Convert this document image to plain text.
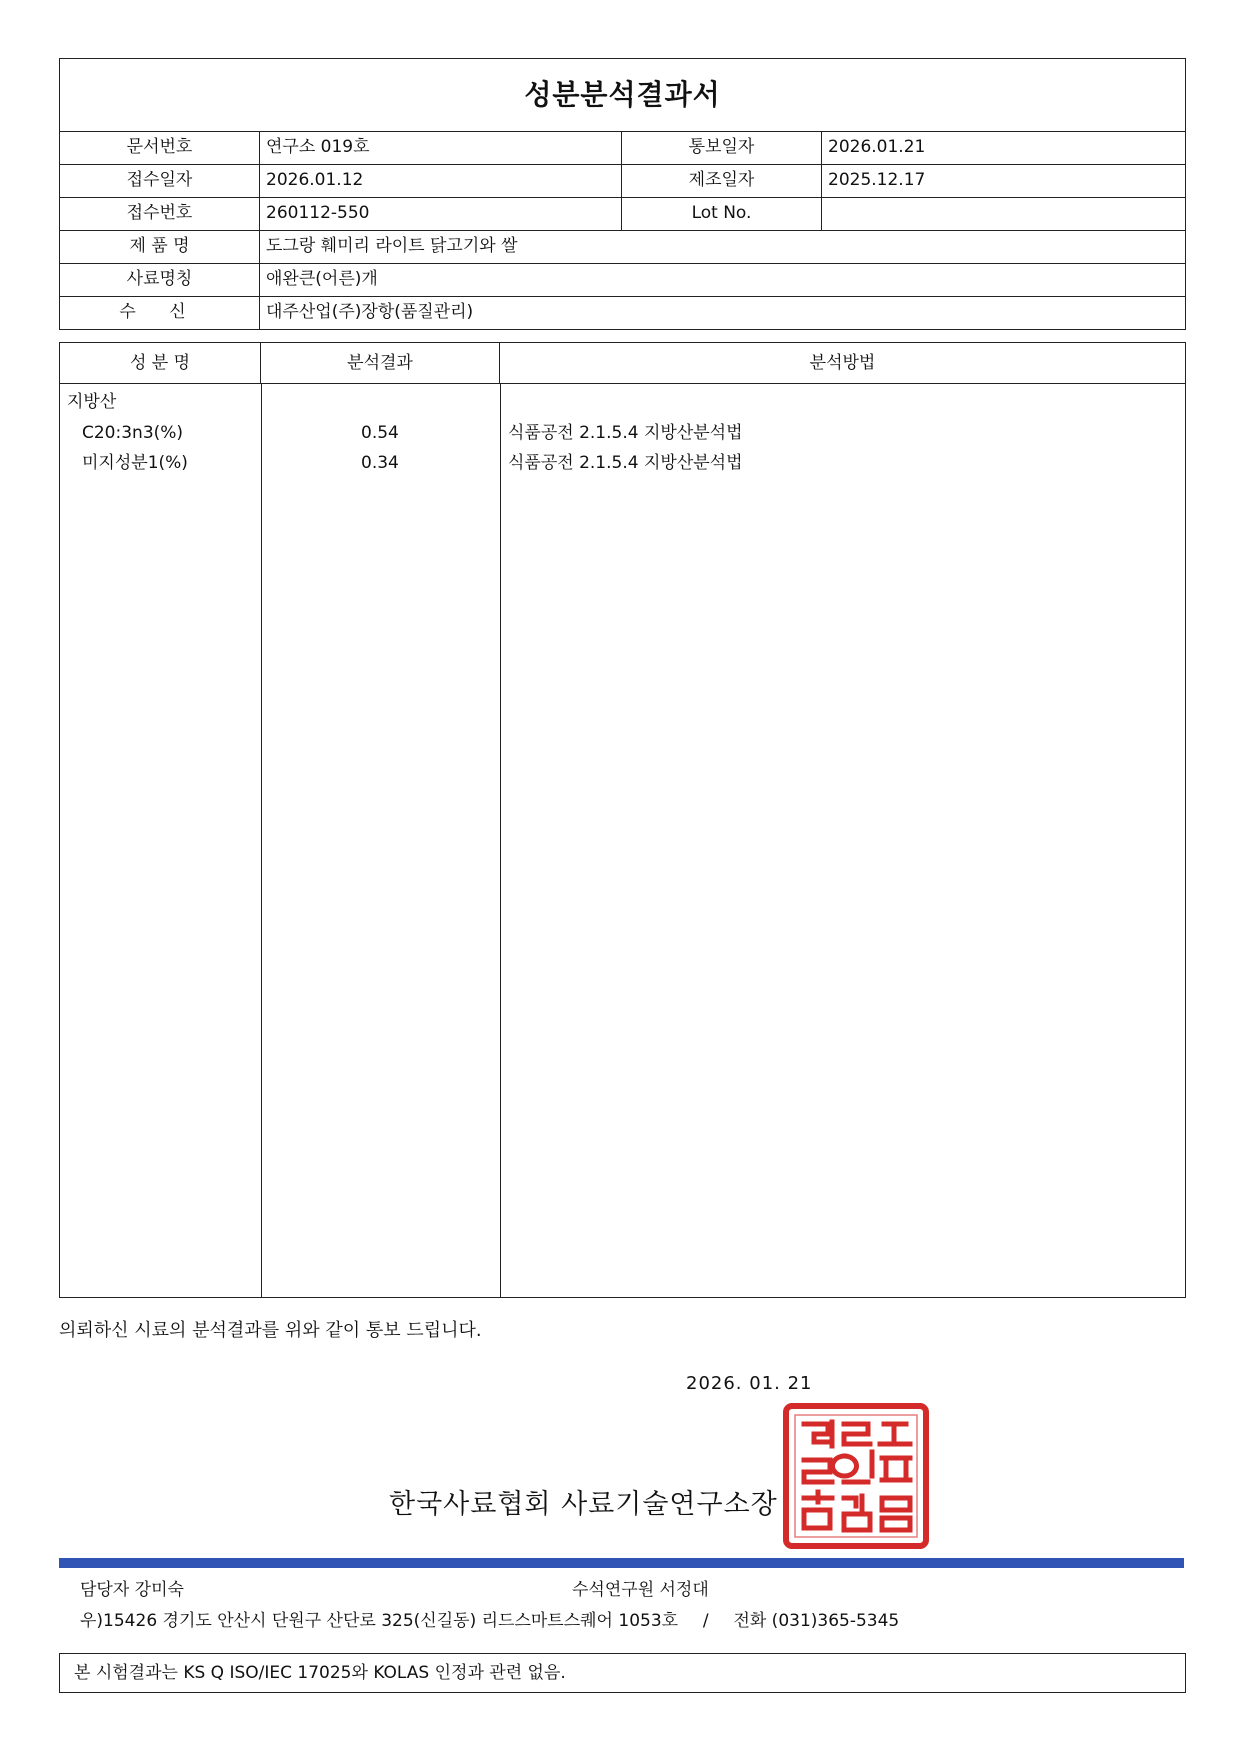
성분분석결과서
문서번호	연구소 019호	통보일자	2026.01.21
접수일자	2026.01.12	제조일자	2025.12.17
접수번호	260112-550	Lot No.
제 품 명	도그랑 훼미리 라이트 닭고기와 쌀
사료명칭	애완큰(어른)개
수 신	대주산업(주)장항(품질관리)
성 분 명	분석결과	분석방법
지방산
C20:3n3(%)	0.54	식품공전 2.1.5.4 지방산분석법
미지성분1(%)	0.34	식품공전 2.1.5.4 지방산분석법
의뢰하신 시료의 분석결과를 위와 같이 통보 드립니다.
2026. 01. 21
한국사료협회 사료기술연구소장
담당자 강미숙	수석연구원 서정대
우)15426 경기도 안산시 단원구 산단로 325(신길동) 리드스마트스퀘어 1053호 / 전화 (031)365-5345
본 시험결과는 KS Q ISO/IEC 17025와 KOLAS 인정과 관련 없음.
